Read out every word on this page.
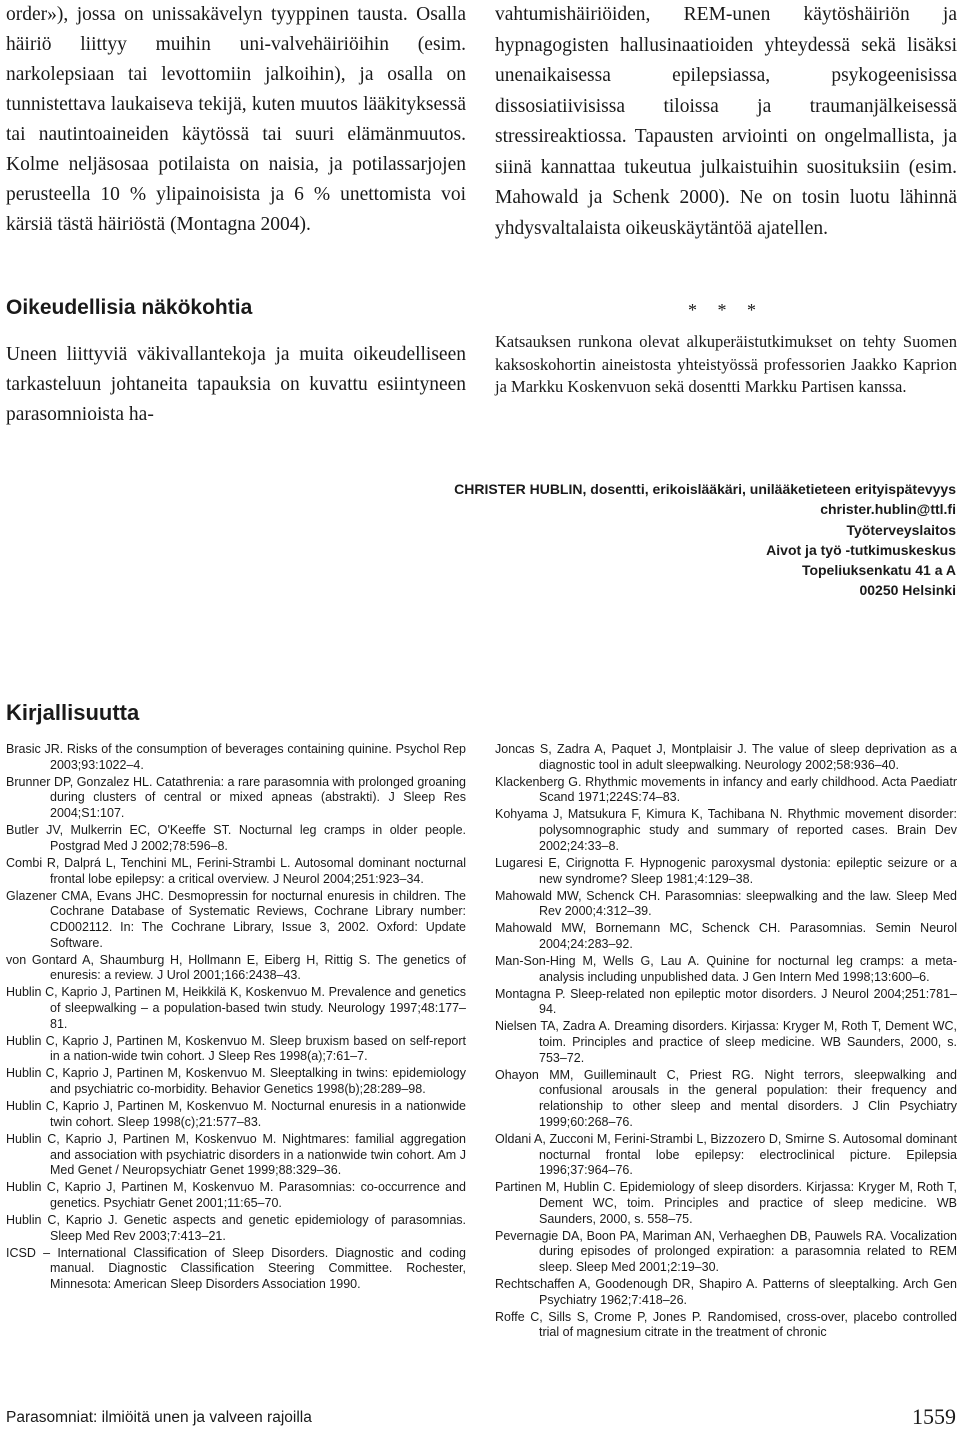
order»), jossa on unissakävelyn tyyppinen tausta. Osalla häiriö liittyy muihin uni-valvehäiriöihin (esim. narkolepsiaan tai levottomiin jalkoihin), ja osalla on tunnistettava laukaiseva tekijä, kuten muutos lääkityksessä tai nautintoaineiden käytössä tai suuri elämänmuutos. Kolme neljäsosaa potilaista on naisia, ja potilassarjojen perusteella 10 % ylipainoisista ja 6 % unettomista voi kärsiä tästä häiriöstä (Montagna 2004).

vahtumishäiriöiden, REM-unen käytöshäiriön ja hypnagogisten hallusinaatioiden yhteydessä sekä lisäksi unenaikaisessa epilepsiassa, psykogeenisissa dissosiatiivisissa tiloissa ja traumanjälkeisessä stressireaktiossa. Tapausten arviointi on ongelmallista, ja siinä kannattaa tukeutua julkaistuihin suosituksiin (esim. Mahowald ja Schenk 2000). Ne on tosin luotu lähinnä yhdysvaltalaista oikeuskäytäntöä ajatellen.

Oikeudellisia näkökohtia

Uneen liittyviä väkivallantekoja ja muita oikeudelliseen tarkasteluun johtaneita tapauksia on kuvattu esiintyneen parasomnioista ha-

* * *

Katsauksen runkona olevat alkuperäistutkimukset on tehty Suomen kaksoskohortin aineistosta yhteistyössä professorien Jaakko Kaprion ja Markku Koskenvuon sekä dosentti Markku Partisen kanssa.

CHRISTER HUBLIN, dosentti, erikoislääkäri, unilääketieteen erityispätevyys
christer.hublin@ttl.fi
Työterveyslaitos
Aivot ja työ -tutkimuskeskus
Topeliuksenkatu 41 a A
00250 Helsinki
Kirjallisuutta

Brasic JR. Risks of the consumption of beverages containing quinine. Psychol Rep 2003;93:1022–4.

Brunner DP, Gonzalez HL. Catathrenia: a rare parasomnia with prolonged groaning during clusters of central or mixed apneas (abstrakti). J Sleep Res 2004;S1:107.

Butler JV, Mulkerrin EC, O'Keeffe ST. Nocturnal leg cramps in older people. Postgrad Med J 2002;78:596–8.

Combi R, Dalprá L, Tenchini ML, Ferini-Strambi L. Autosomal dominant nocturnal frontal lobe epilepsy: a critical overview. J Neurol 2004;251:923–34.

Glazener CMA, Evans JHC. Desmopressin for nocturnal enuresis in children. The Cochrane Database of Systematic Reviews, Cochrane Library number: CD002112. In: The Cochrane Library, Issue 3, 2002. Oxford: Update Software.

von Gontard A, Shaumburg H, Hollmann E, Eiberg H, Rittig S. The genetics of enuresis: a review. J Urol 2001;166:2438–43.

Hublin C, Kaprio J, Partinen M, Heikkilä K, Koskenvuo M. Prevalence and genetics of sleepwalking – a population-based twin study. Neurology 1997;48:177–81.

Hublin C, Kaprio J, Partinen M, Koskenvuo M. Sleep bruxism based on self-report in a nation-wide twin cohort. J Sleep Res 1998(a);7:61–7.

Hublin C, Kaprio J, Partinen M, Koskenvuo M. Sleeptalking in twins: epidemiology and psychiatric co-morbidity. Behavior Genetics 1998(b);28:289–98.

Hublin C, Kaprio J, Partinen M, Koskenvuo M. Nocturnal enuresis in a nationwide twin cohort. Sleep 1998(c);21:577–83.

Hublin C, Kaprio J, Partinen M, Koskenvuo M. Nightmares: familial aggregation and association with psychiatric disorders in a nationwide twin cohort. Am J Med Genet / Neuropsychiatr Genet 1999;88:329–36.

Hublin C, Kaprio J, Partinen M, Koskenvuo M. Parasomnias: co-occurrence and genetics. Psychiatr Genet 2001;11:65–70.

Hublin C, Kaprio J. Genetic aspects and genetic epidemiology of parasomnias. Sleep Med Rev 2003;7:413–21.

ICSD – International Classification of Sleep Disorders. Diagnostic and coding manual. Diagnostic Classification Steering Committee. Rochester, Minnesota: American Sleep Disorders Association 1990.

Joncas S, Zadra A, Paquet J, Montplaisir J. The value of sleep deprivation as a diagnostic tool in adult sleepwalking. Neurology 2002;58:936–40.

Klackenberg G. Rhythmic movements in infancy and early childhood. Acta Paediatr Scand 1971;224S:74–83.

Kohyama J, Matsukura F, Kimura K, Tachibana N. Rhythmic movement disorder: polysomnographic study and summary of reported cases. Brain Dev 2002;24:33–8.

Lugaresi E, Cirignotta F. Hypnogenic paroxysmal dystonia: epileptic seizure or a new syndrome? Sleep 1981;4:129–38.

Mahowald MW, Schenck CH. Parasomnias: sleepwalking and the law. Sleep Med Rev 2000;4:312–39.

Mahowald MW, Bornemann MC, Schenck CH. Parasomnias. Semin Neurol 2004;24:283–92.

Man-Son-Hing M, Wells G, Lau A. Quinine for nocturnal leg cramps: a meta-analysis including unpublished data. J Gen Intern Med 1998;13:600–6.

Montagna P. Sleep-related non epileptic motor disorders. J Neurol 2004;251:781–94.

Nielsen TA, Zadra A. Dreaming disorders. Kirjassa: Kryger M, Roth T, Dement WC, toim. Principles and practice of sleep medicine. WB Saunders, 2000, s. 753–72.

Ohayon MM, Guilleminault C, Priest RG. Night terrors, sleepwalking and confusional arousals in the general population: their frequency and relationship to other sleep and mental disorders. J Clin Psychiatry 1999;60:268–76.

Oldani A, Zucconi M, Ferini-Strambi L, Bizzozero D, Smirne S. Autosomal dominant nocturnal frontal lobe epilepsy: electroclinical picture. Epilepsia 1996;37:964–76.

Partinen M, Hublin C. Epidemiology of sleep disorders. Kirjassa: Kryger M, Roth T, Dement WC, toim. Principles and practice of sleep medicine. WB Saunders, 2000, s. 558–75.

Pevernagie DA, Boon PA, Mariman AN, Verhaeghen DB, Pauwels RA. Vocalization during episodes of prolonged expiration: a parasomnia related to REM sleep. Sleep Med 2001;2:19–30.

Rechtschaffen A, Goodenough DR, Shapiro A. Patterns of sleeptalking. Arch Gen Psychiatry 1962;7:418–26.

Roffe C, Sills S, Crome P, Jones P. Randomised, cross-over, placebo controlled trial of magnesium citrate in the treatment of chronic

Parasomniat: ilmiöitä unen ja valveen rajoilla	1559
